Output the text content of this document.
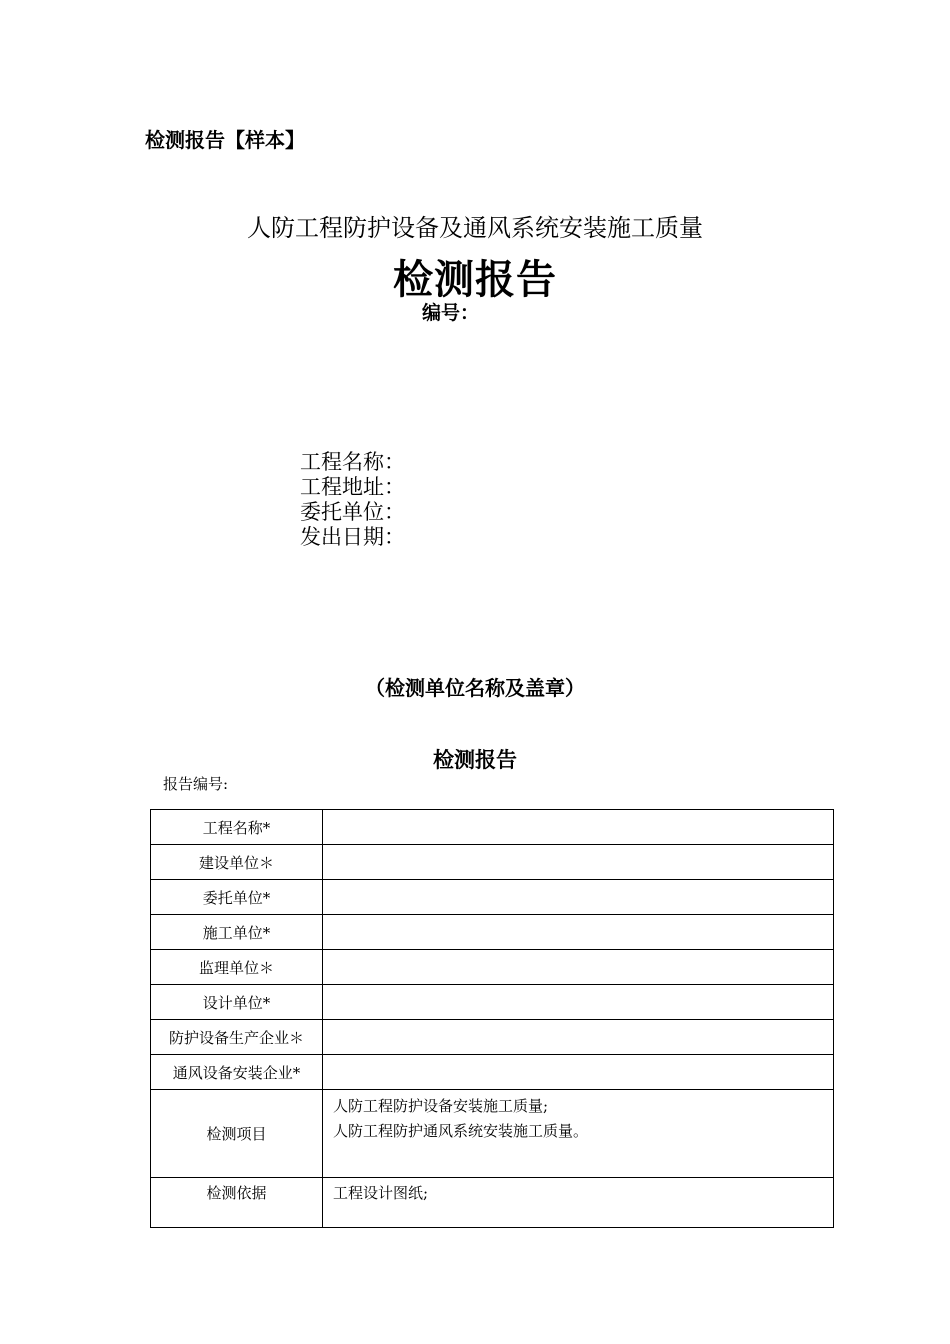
检测报告【样本】
人防工程防护设备及通风系统安装施工质量
检测报告
编号：
工程名称：
工程地址：
委托单位：
发出日期：
（检测单位名称及盖章）
检测报告
报告编号:
工程名称*	
建设单位＊	
委托单位*	
施工单位*	
监理单位＊	
设计单位*	
防护设备生产企业＊	
通风设备安装企业*	
检测项目	人防工程防护设备安装施工质量;
人防工程防护通风系统安装施工质量。

检测依据	工程设计图纸;
